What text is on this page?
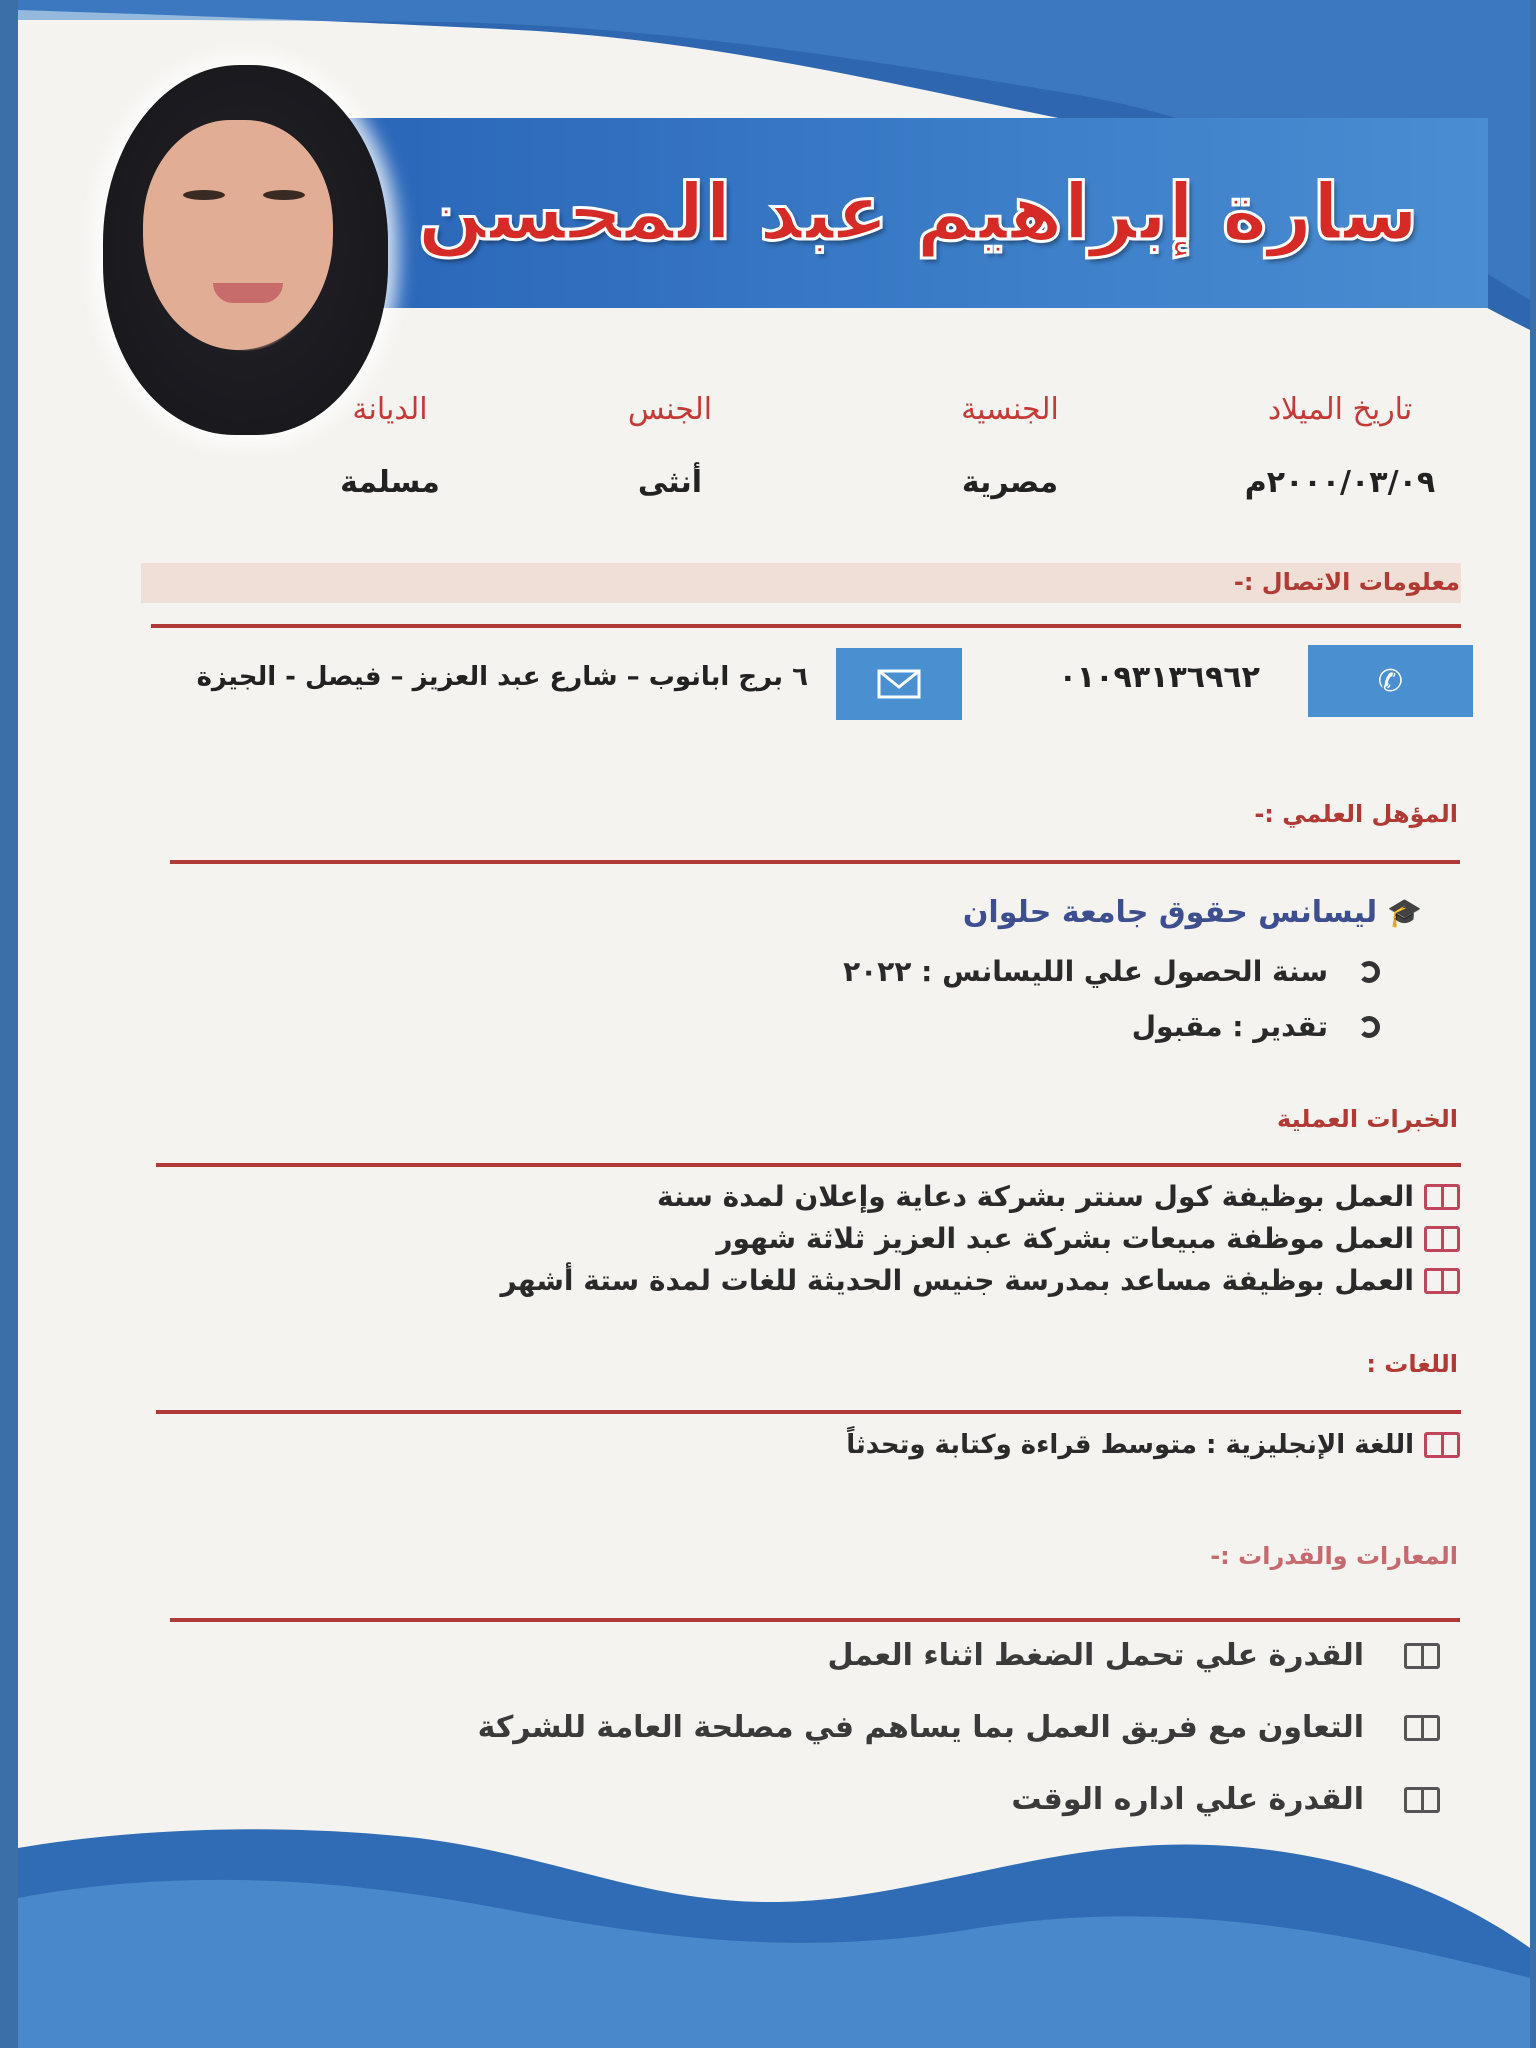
سارة إبراهيم عبد المحسن
تاريخ الميلاد
٢٠٠٠/٠٣/٠٩م
الجنسية
مصرية
الجنس
أنثى
الديانة
مسلمة
معلومات الاتصال :-
✆
٠١٠٩٣١٣٦٩٦٢
٦ برج ابانوب – شارع عبد العزيز – فيصل - الجيزة
المؤهل العلمي :-
🎓
ليسانس حقوق جامعة حلوان
سنة الحصول علي الليسانس : ٢٠٢٢
تقدير : مقبول
الخبرات العملية
العمل بوظيفة كول سنتر بشركة دعاية وإعلان لمدة سنة
العمل موظفة مبيعات بشركة عبد العزيز ثلاثة شهور
العمل بوظيفة مساعد بمدرسة جنيس الحديثة للغات لمدة ستة أشهر
اللغات :
اللغة الإنجليزية : متوسط قراءة وكتابة وتحدثاً
المعارات والقدرات :-
القدرة علي تحمل الضغط اثناء العمل
التعاون مع فريق العمل بما يساهم في مصلحة العامة للشركة
القدرة علي اداره الوقت
